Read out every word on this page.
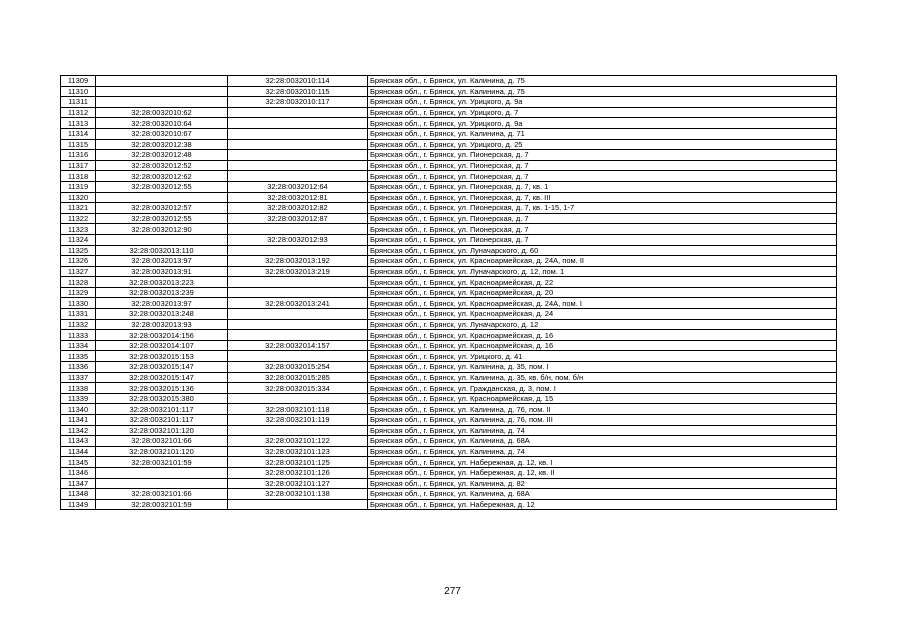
11309		32:28:0032010:114	Брянская обл., г. Брянск, ул. Калинина, д. 75
11310		32:28:0032010:115	Брянская обл., г. Брянск, ул. Калинина, д. 75
11311		32:28:0032010:117	Брянская обл., г. Брянск, ул. Урицкого, д. 9а
11312	32:28:0032010:62		Брянская обл., г. Брянск, ул. Урицкого, д. 7
11313	32:28:0032010:64		Брянская обл., г. Брянск, ул. Урицкого, д. 9а
11314	32:28:0032010:67		Брянская обл., г. Брянск, ул. Калинина, д. 71
11315	32:28:0032012:38		Брянская обл., г. Брянск, ул. Урицкого, д. 25
11316	32:28:0032012:48		Брянская обл., г. Брянск, ул. Пионерская, д. 7
11317	32:28:0032012:52		Брянская обл., г. Брянск, ул. Пионерская, д. 7
11318	32:28:0032012:62		Брянская обл., г. Брянск, ул. Пионерская, д. 7
11319	32:28:0032012:55	32:28:0032012:64	Брянская обл., г. Брянск, ул. Пионерская, д. 7, кв. 1
11320		32:28:0032012:81	Брянская обл., г. Брянск, ул. Пионерская, д. 7, кв. III
11321	32:28:0032012:57	32:28:0032012:82	Брянская обл., г. Брянск, ул. Пионерская, д. 7, кв. 1-15, 1-7
11322	32:28:0032012:55	32:28:0032012:87	Брянская обл., г. Брянск, ул. Пионерская, д. 7
11323	32:28:0032012:90		Брянская обл., г. Брянск, ул. Пионерская, д. 7
11324		32:28:0032012:93	Брянская обл., г. Брянск, ул. Пионерская, д. 7
11325	32:28:0032013:110		Брянская обл., г. Брянск, ул. Луначарского, д. 60
11326	32:28:0032013:97	32:28:0032013:192	Брянская обл., г. Брянск, ул. Красноармейская, д. 24А, пом. II
11327	32:28:0032013:91	32:28:0032013:219	Брянская обл., г. Брянск, ул. Луначарского, д. 12, пом. 1
11328	32:28:0032013:223		Брянская обл., г. Брянск, ул. Красноармейская, д. 22
11329	32:28:0032013:239		Брянская обл., г. Брянск, ул. Красноармейская, д. 20
11330	32:28:0032013:97	32:28:0032013:241	Брянская обл., г. Брянск, ул. Красноармейская, д. 24А, пом. I
11331	32:28:0032013:248		Брянская обл., г. Брянск, ул. Красноармейская, д. 24
11332	32:28:0032013:93		Брянская обл., г. Брянск, ул. Луначарского, д. 12
11333	32:28:0032014:156		Брянская обл., г. Брянск, ул. Красноармейская, д. 16
11334	32:28:0032014:107	32:28:0032014:157	Брянская обл., г. Брянск, ул. Красноармейская, д. 16
11335	32:28:0032015:153		Брянская обл., г. Брянск, ул. Урицкого, д. 41
11336	32:28:0032015:147	32:28:0032015:254	Брянская обл., г. Брянск, ул. Калинина, д. 35, пом. I
11337	32:28:0032015:147	32:28:0032015:285	Брянская обл., г. Брянск, ул. Калинина, д. 35, кв. б/н, пом. б/н
11338	32:28:0032015:136	32:28:0032015:334	Брянская обл., г. Брянск, ул. Гражданская, д. 3, пом. I
11339	32:28:0032015:380		Брянская обл., г. Брянск, ул. Красноармейская, д. 15
11340	32:28:0032101:117	32:28:0032101:118	Брянская обл., г. Брянск, ул. Калинина, д. 76, пом. II
11341	32:28:0032101:117	32:28:0032101:119	Брянская обл., г. Брянск, ул. Калинина, д. 76, пом. III
11342	32:28:0032101:120		Брянская обл., г. Брянск, ул. Калинина, д. 74
11343	32:28:0032101:66	32:28:0032101:122	Брянская обл., г. Брянск, ул. Калинина, д. 68А
11344	32:28:0032101:120	32:28:0032101:123	Брянская обл., г. Брянск, ул. Калинина, д. 74
11345	32:28:0032101:59	32:28:0032101:125	Брянская обл., г. Брянск, ул. Набережная, д. 12, кв. I
11346		32:28:0032101:126	Брянская обл., г. Брянск, ул. Набережная, д. 12, кв. II
11347		32:28:0032101:127	Брянская обл., г. Брянск, ул. Калинина, д. 82
11348	32:28:0032101:66	32:28:0032101:138	Брянская обл., г. Брянск, ул. Калинина, д. 68А
11349	32:28:0032101:59		Брянская обл., г. Брянск, ул. Набережная, д. 12
277
